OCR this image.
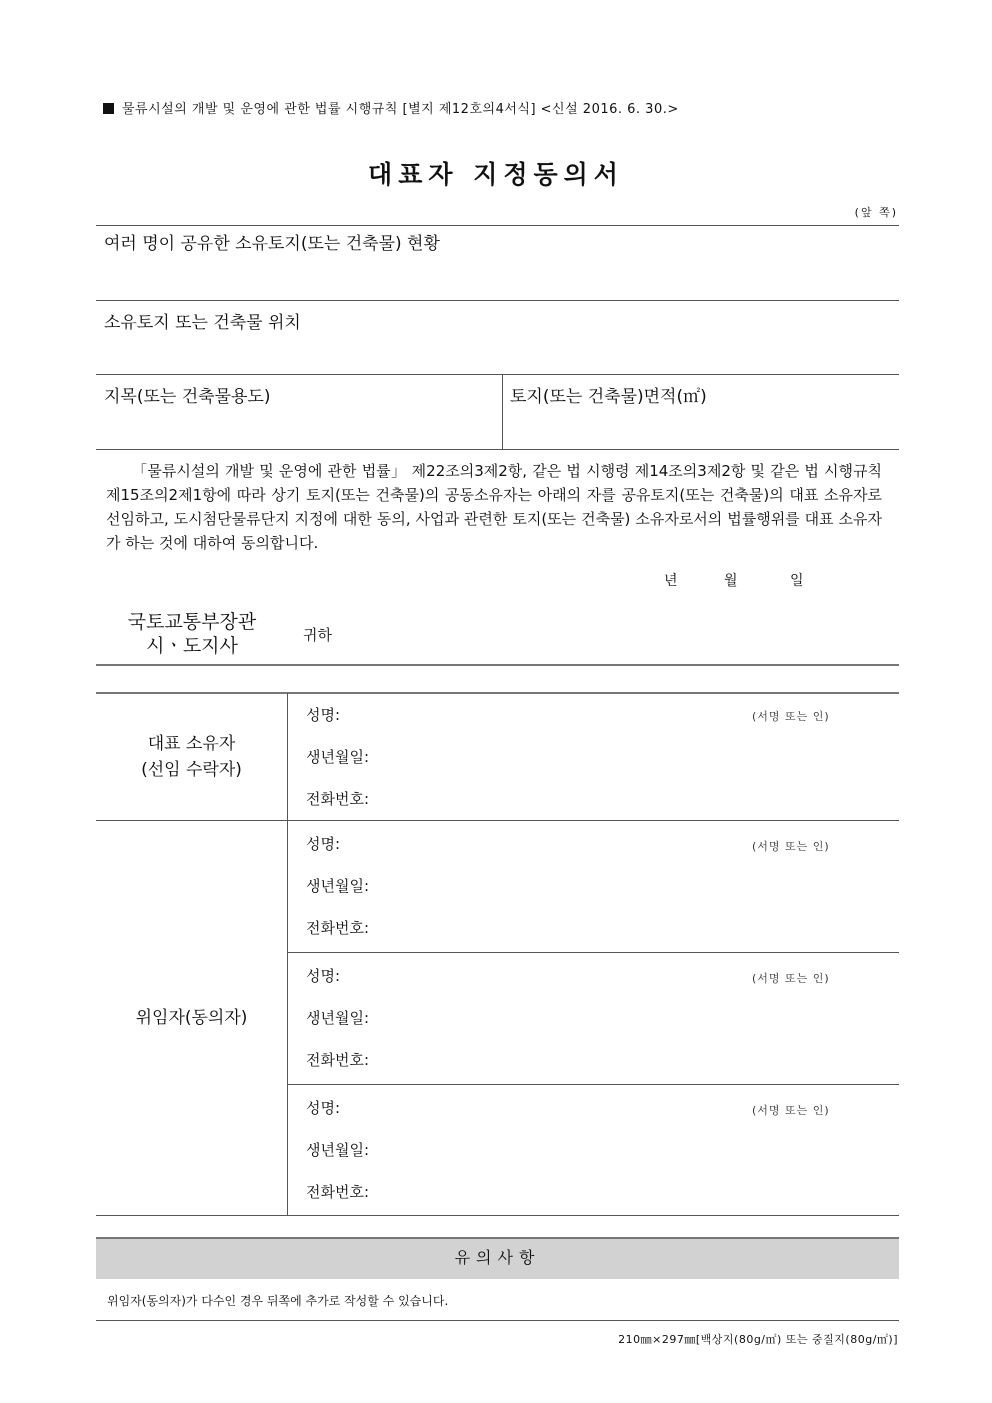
물류시설의 개발 및 운영에 관한 법률 시행규칙 [별지 제12호의4서식] <신설 2016. 6. 30.>
대표자 지정동의서
(앞 쪽)
여러 명이 공유한 소유토지(또는 건축물) 현황
소유토지 또는 건축물 위치
지목(또는 건축물용도)	토지(또는 건축물)면적(㎡)
「물류시설의 개발 및 운영에 관한 법률」 제22조의3제2항, 같은 법 시행령 제14조의3제2항 및 같은 법 시행규칙 제15조의2제1항에 따라 상기 토지(또는 건축물)의 공동소유자는 아래의 자를 공유토지(또는 건축물)의 대표 소유자로 선임하고, 도시첨단물류단지 지정에 대한 동의, 사업과 관련한 토지(또는 건축물) 소유자로서의 법률행위를 대표 소유자가 하는 것에 대하여 동의합니다.
년	월	일
국토교통부장관
시ㆍ도지사	귀하
대표 소유자
(선임 수락자)
성명:	(서명 또는 인)
생년월일:
전화번호:
위임자(동의자)
성명:	(서명 또는 인)
생년월일:
전화번호:
성명:	(서명 또는 인)
생년월일:
전화번호:
성명:	(서명 또는 인)
생년월일:
전화번호:
유의사항
위임자(동의자)가 다수인 경우 뒤쪽에 추가로 작성할 수 있습니다.
210㎜×297㎜[백상지(80g/㎡) 또는 중질지(80g/㎡)]
